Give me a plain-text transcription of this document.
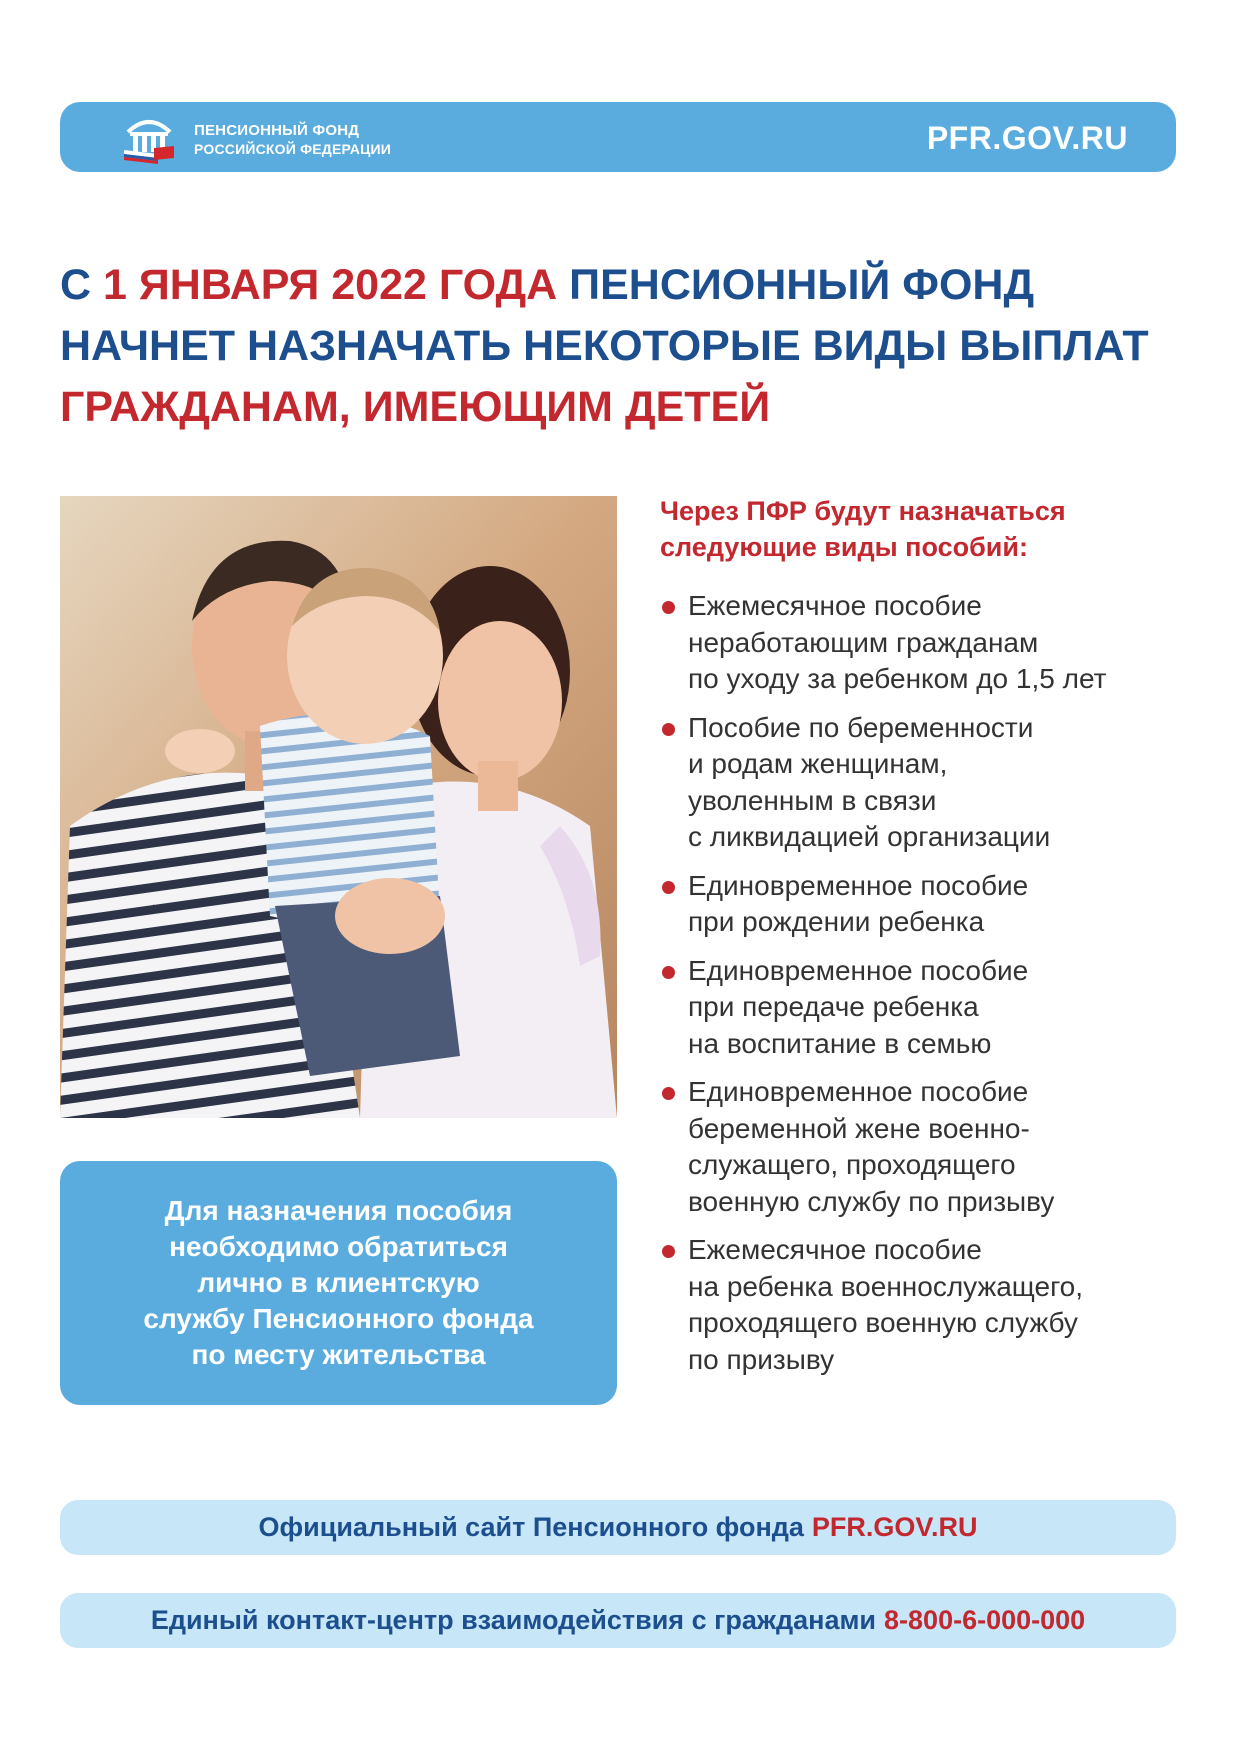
ПЕНСИОННЫЙ ФОНД
РОССИЙСКОЙ ФЕДЕРАЦИИ	PFR.GOV.RU
С 1 ЯНВАРЯ 2022 ГОДА ПЕНСИОННЫЙ ФОНД
НАЧНЕТ НАЗНАЧАТЬ НЕКОТОРЫЕ ВИДЫ ВЫПЛАТ
ГРАЖДАНАМ, ИМЕЮЩИМ ДЕТЕЙ
Для назначения пособия
необходимо обратиться
лично в клиентскую
службу Пенсионного фонда
по месту жительства
Через ПФР будут назначаться
следующие виды пособий:
Ежемесячное пособие
неработающим гражданам
по уходу за ребенком до 1,5 лет
Пособие по беременности
и родам женщинам,
уволенным в связи
с ликвидацией организации
Единовременное пособие
при рождении ребенка
Единовременное пособие
при передаче ребенка
на воспитание в семью
Единовременное пособие
беременной жене военно-
служащего, проходящего
военную службу по призыву
Ежемесячное пособие
на ребенка военнослужащего,
проходящего военную службу
по призыву
Официальный сайт Пенсионного фонда PFR.GOV.RU
Единый контакт-центр взаимодействия с гражданами 8-800-6-000-000
